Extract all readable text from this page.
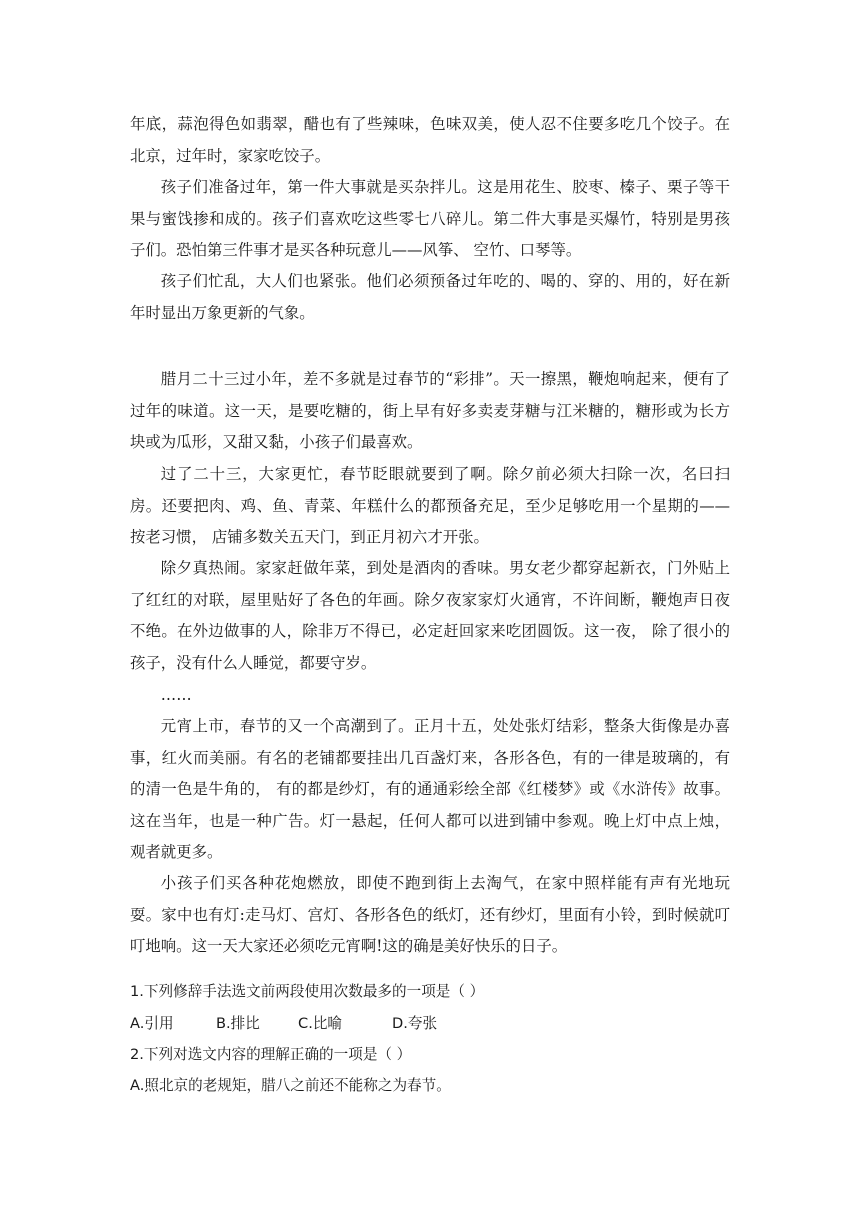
年底，蒜泡得色如翡翠，醋也有了些辣味，色味双美，使人忍不住要多吃几个饺子。在北京，过年时，家家吃饺子。

孩子们准备过年，第一件大事就是买杂拌儿。这是用花生、胶枣、榛子、栗子等干果与蜜饯掺和成的。孩子们喜欢吃这些零七八碎儿。第二件大事是买爆竹，特别是男孩子们。恐怕第三件事才是买各种玩意儿——风筝、 空竹、口琴等。

孩子们忙乱，大人们也紧张。他们必须预备过年吃的、喝的、穿的、用的，好在新年时显出万象更新的气象。

腊月二十三过小年，差不多就是过春节的“彩排”。天一擦黑，鞭炮响起来，便有了过年的味道。这一天，是要吃糖的，街上早有好多卖麦芽糖与江米糖的，糖形或为长方块或为瓜形，又甜又黏，小孩子们最喜欢。

过了二十三，大家更忙，春节眨眼就要到了啊。除夕前必须大扫除一次，名曰扫房。还要把肉、鸡、鱼、青菜、年糕什么的都预备充足，至少足够吃用一个星期的——按老习惯， 店铺多数关五天门，到正月初六才开张。

除夕真热闹。家家赶做年菜，到处是酒肉的香味。男女老少都穿起新衣，门外贴上了红红的对联，屋里贴好了各色的年画。除夕夜家家灯火通宵，不许间断，鞭炮声日夜不绝。在外边做事的人，除非万不得已，必定赶回家来吃团圆饭。这一夜， 除了很小的孩子，没有什么人睡觉，都要守岁。

……

元宵上市，春节的又一个高潮到了。正月十五，处处张灯结彩，整条大街像是办喜事，红火而美丽。有名的老铺都要挂出几百盏灯来，各形各色，有的一律是玻璃的，有的清一色是牛角的， 有的都是纱灯，有的通通彩绘全部《红楼梦》或《水浒传》故事。这在当年，也是一种广告。灯一悬起，任何人都可以进到铺中参观。晚上灯中点上烛，观者就更多。

小孩子们买各种花炮燃放，即使不跑到街上去淘气，在家中照样能有声有光地玩耍。家中也有灯:走马灯、宫灯、各形各色的纸灯，还有纱灯，里面有小铃，到时候就叮叮地响。这一天大家还必须吃元宵啊!这的确是美好快乐的日子。

1.下列修辞手法选文前两段使用次数最多的一项是（ ）

A.引用	B.排比	C.比喻	D.夸张

2.下列对选文内容的理解正确的一项是（ ）

A.照北京的老规矩，腊八之前还不能称之为春节。
